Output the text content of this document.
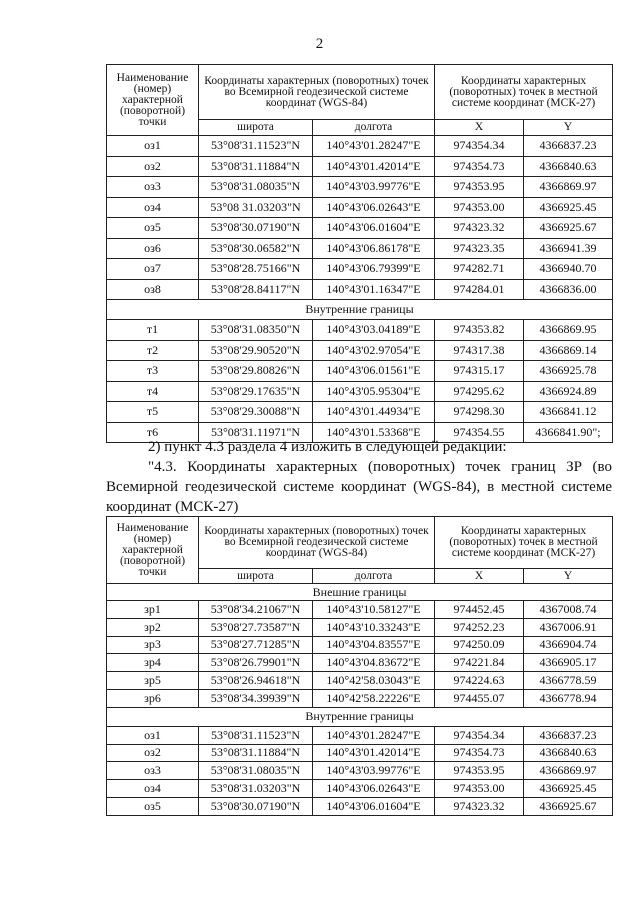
2
Наименование (номер) характерной (поворотной) точки	Координаты характерных (поворотных) точек во Всемирной геодезической системе координат (WGS-84)		Координаты характерных (поворотных) точек в местной системе координат (МСК-27)	
	широта	долгота	X	Y
оз1	53°08'31.11523"N	140°43'01.28247"E	974354.34	4366837.23
оз2	53°08'31.11884"N	140°43'01.42014"E	974354.73	4366840.63
оз3	53°08'31.08035"N	140°43'03.99776"E	974353.95	4366869.97
оз4	53°08 31.03203"N	140°43'06.02643"E	974353.00	4366925.45
оз5	53°08'30.07190"N	140°43'06.01604"E	974323.32	4366925.67
оз6	53°08'30.06582"N	140°43'06.86178"E	974323.35	4366941.39
оз7	53°08'28.75166"N	140°43'06.79399"E	974282.71	4366940.70
оз8	53°08'28.84117"N	140°43'01.16347"E	974284.01	4366836.00
Внутренние границы				
т1	53°08'31.08350"N	140°43'03.04189"E	974353.82	4366869.95
т2	53°08'29.90520"N	140°43'02.97054"E	974317.38	4366869.14
т3	53°08'29.80826"N	140°43'06.01561"E	974315.17	4366925.78
т4	53°08'29.17635"N	140°43'05.95304"E	974295.62	4366924.89
т5	53°08'29.30088"N	140°43'01.44934"E	974298.30	4366841.12
т6	53°08'31.11971"N	140°43'01.53368"E	974354.55	4366841.90";

2) пункт 4.3 раздела 4 изложить в следующей редакции:

"4.3. Координаты характерных (поворотных) точек границ ЗР (во Всемирной геодезической системе координат (WGS-84), в местной системе координат (МСК-27)

Наименование (номер) характерной (поворотной) точки	Координаты характерных (поворотных) точек во Всемирной геодезической системе координат (WGS-84)		Координаты характерных (поворотных) точек в местной системе координат (МСК-27)	
	широта	долгота	X	Y
Внешние границы				
зр1	53°08'34.21067"N	140°43'10.58127"E	974452.45	4367008.74
зр2	53°08'27.73587"N	140°43'10.33243"E	974252.23	4367006.91
зр3	53°08'27.71285"N	140°43'04.83557"E	974250.09	4366904.74
зр4	53°08'26.79901"N	140°43'04.83672"E	974221.84	4366905.17
зр5	53°08'26.94618"N	140°42'58.03043"E	974224.63	4366778.59
зр6	53°08'34.39939"N	140°42'58.22226"E	974455.07	4366778.94
Внутренние границы				
оз1	53°08'31.11523"N	140°43'01.28247"E	974354.34	4366837.23
оз2	53°08'31.11884"N	140°43'01.42014"E	974354.73	4366840.63
оз3	53°08'31.08035"N	140°43'03.99776"E	974353.95	4366869.97
оз4	53°08'31.03203"N	140°43'06.02643"E	974353.00	4366925.45
оз5	53°08'30.07190"N	140°43'06.01604"E	974323.32	4366925.67
